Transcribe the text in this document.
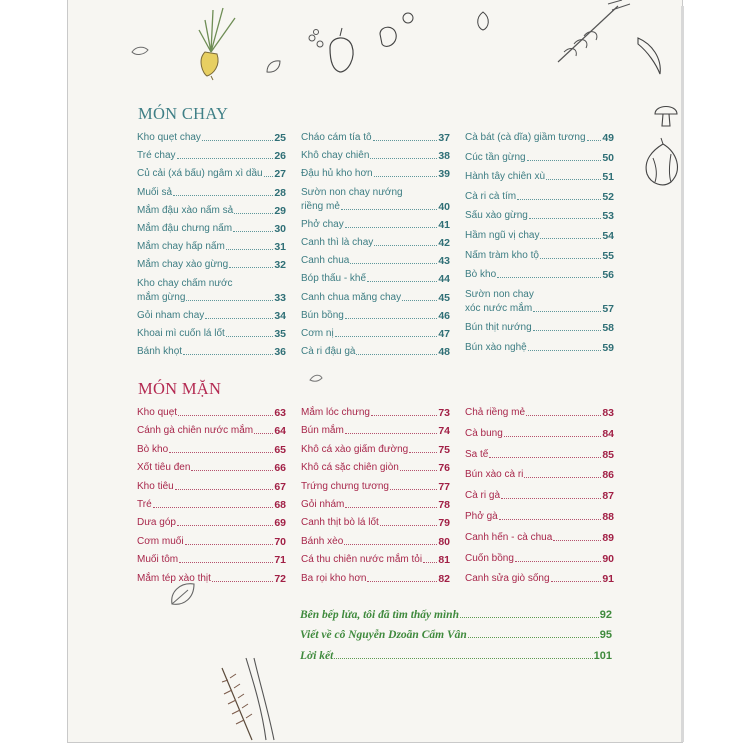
MÓN CHAY
Kho quẹt chay	25
Tré chay	26
Củ cải (xá bấu) ngâm xì dầu 27
Muối sả	28
Mắm đậu xào nấm sả	29
Mắm đậu chưng nấm	30
Mắm chay hấp nấm	31
Mắm chay xào gừng	32
Kho chay chấm nước
mắm gừng	33
Gỏi nham chay	34
Khoai mì cuốn lá lốt	35
Bánh khọt	36
Cháo cám tía tô	37
Khô chay chiên	38
Đậu hủ kho hơn	39
Sườn non chay nướng
riềng mẻ	40
Phở chay	41
Canh thì là chay	42
Canh chua	43
Bóp thấu - khế	44
Canh chua măng chay	45
Bún bồng	46
Cơm nị	47
Cà ri đậu gà	48
Cà bát (cà dĩa) giầm tương 49
Cúc tần gừng	50
Hành tây chiên xù	51
Cà ri cà tím	52
Sấu xào gừng	53
Hầm ngũ vị chay	54
Nấm tràm kho tộ	55
Bò kho	56
Sườn non chay
xóc nước mắm	57
Bún thịt nướng	58
Bún xào nghệ	59
MÓN MẶN
Kho quẹt	63
Cánh gà chiên nước mắm 64
Bò kho	65
Xốt tiêu đen	66
Kho tiêu	67
Tré	68
Dưa góp	69
Cơm muối	70
Muối tôm	71
Mắm tép xào thịt	72
Mắm lóc chưng	73
Bún mắm	74
Khô cá xào giấm đường	75
Khô cá sặc chiên giòn	76
Trứng chưng tương	77
Gỏi nhám	78
Canh thịt bò lá lốt	79
Bánh xèo	80
Cá thu chiên nước mắm tỏi 81
Ba rọi kho hơn	82
Chả riềng mẻ	83
Cà bung	84
Sa tế	85
Bún xào cà ri	86
Cà ri gà	87
Phở gà	88
Canh hến - cà chua	89
Cuốn bồng	90
Canh sửa giò sống	91
Bên bếp lửa, tôi đã tìm thấy mình	92
Viết về cô Nguyễn Dzoãn Cẩm Vân	95
Lời kết	101
